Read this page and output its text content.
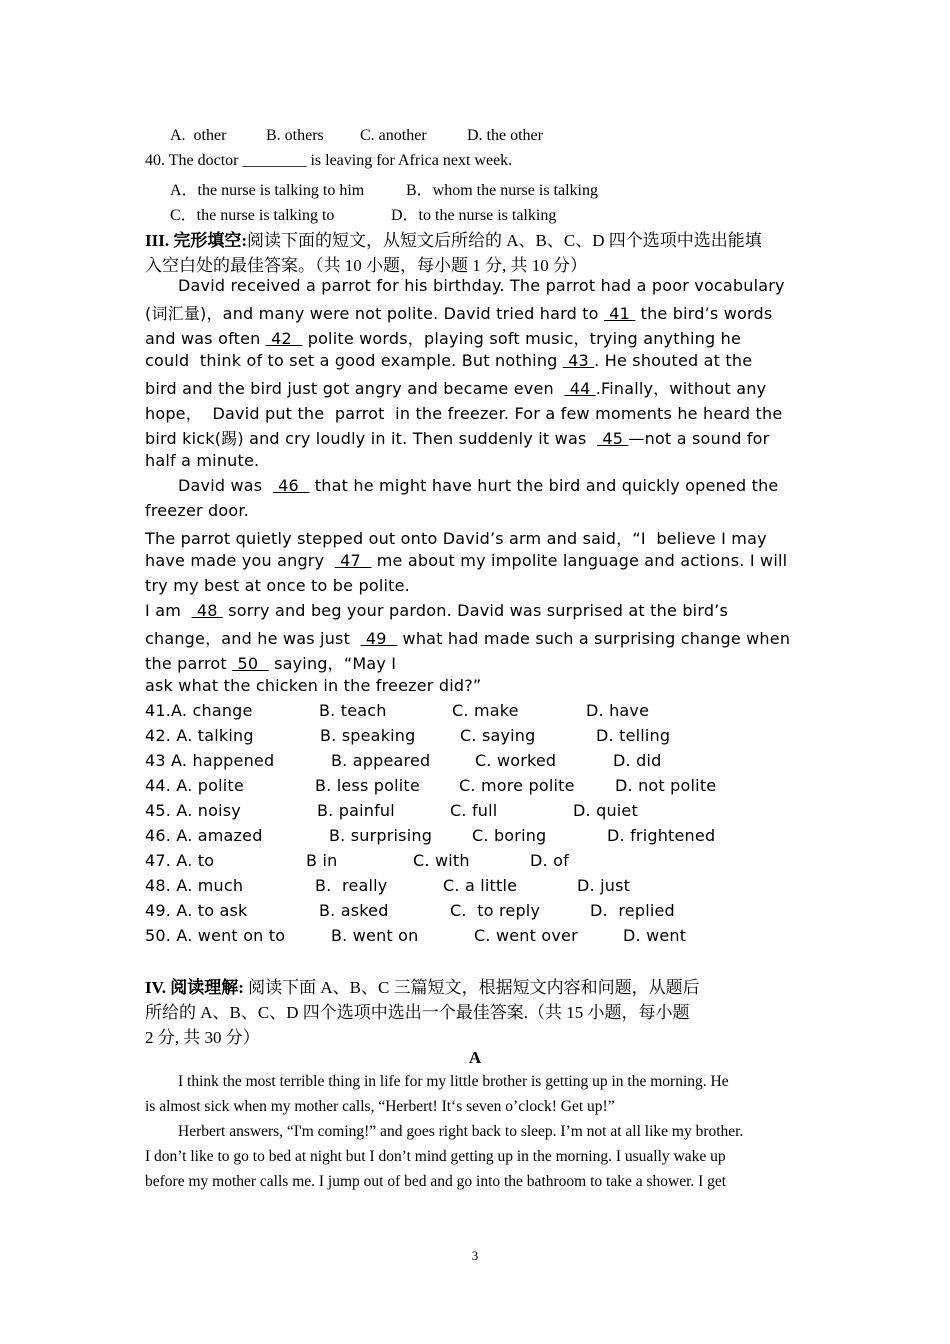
A.  other B. others C. another	D. the other
40. The doctor ________ is leaving for Africa next week.
A．the nurse is talking to him	B．whom the nurse is talking
C．the nurse is talking to	D．to the nurse is talking
III. 完形填空:阅读下面的短文，从短文后所给的 A、B、C、D 四个选项中选出能填
入空白处的最佳答案。（共 10 小题，每小题 1 分, 共 10 分）
David received a parrot for his birthday. The parrot had a poor vocabulary
(词汇量)，and many were not polite. David tried hard to  41  the bird’s words
and was often  42   polite words，playing soft music，trying anything he
could  think of to set a good example. But nothing  43 . He shouted at the
bird and the bird just got angry and became even   44 .Finally，without any
hope，  David put the  parrot  in the freezer. For a few moments he heard the
bird kick(踢) and cry loudly in it. Then suddenly it was   45 —not a sound for
half a minute.
David was   46   that he might have hurt the bird and quickly opened the
freezer door.
The parrot quietly stepped out onto David’s arm and said，“I  believe I may
have made you angry   47   me about my impolite language and actions. I will
try my best at once to be polite.
I am   48  sorry and beg your pardon. David was surprised at the bird’s
change，and he was just   49   what had made such a surprising change when
the parrot  50   saying，“May I
ask what the chicken in the freezer did?”
41.A. change	B. teach	C. make	D. have
42. A. talking	B. speaking	C. saying	D. telling
43 A. happened	B. appeared	C. worked	D. did
44. A. polite	B. less polite C. more polite	D. not polite
45. A. noisy	B. painful	C. full	D. quiet
46. A. amazed	B. surprising C. boring	D. frightened
47. A. to	B in	C. with	D. of
48. A. much	B.  really	C. a little	D. just
49. A. to ask	B. asked	C.  to reply	D.  replied
50. A. went on to	B. went on	C. went over	D. went
IV. 阅读理解: 阅读下面 A、B、C 三篇短文，根据短文内容和问题，从题后
所给的 A、B、C、D 四个选项中选出一个最佳答案.（共 15 小题，每小题
2 分, 共 30 分）
A
I think the most terrible thing in life for my little brother is getting up in the morning. He
is almost sick when my mother calls, “Herbert! It‘s seven o’clock! Get up!”
Herbert answers, “I'm coming!” and goes right back to sleep. I’m not at all like my brother.
I don’t like to go to bed at night but I don’t mind getting up in the morning. I usually wake up
before my mother calls me. I jump out of bed and go into the bathroom to take a shower. I get
3
